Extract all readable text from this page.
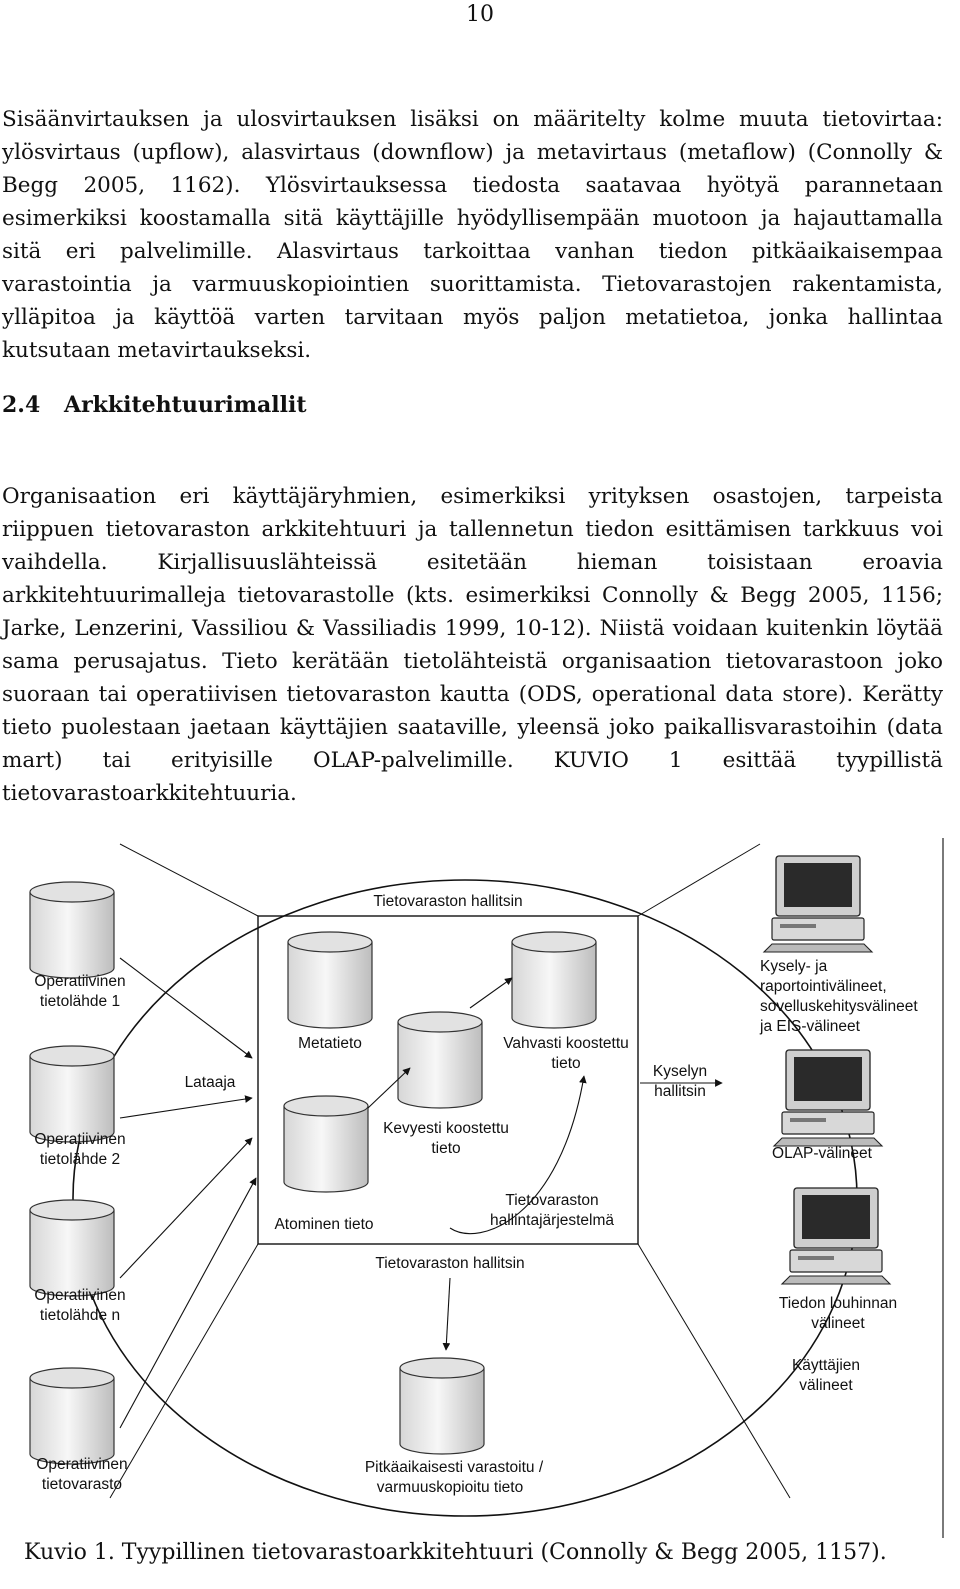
10

Sisäänvirtauksen ja ulosvirtauksen lisäksi on määritelty kolme muuta tietovirtaa: ylösvirtaus (upflow), alasvirtaus (downflow) ja metavirtaus (metaflow) (Connolly & Begg 2005, 1162). Ylösvirtauksessa tiedosta saatavaa hyötyä parannetaan esimerkiksi koostamalla sitä käyttäjille hyödyllisempään muotoon ja hajauttamalla sitä eri palvelimille. Alasvirtaus tarkoittaa vanhan tiedon pitkäaikaisempaa varastointia ja varmuuskopiointien suorittamista. Tietovarastojen rakentamista, ylläpitoa ja käyttöä varten tarvitaan myös paljon metatietoa, jonka hallintaa kutsutaan metavirtaukseksi.

2.4 Arkkitehtuurimallit

Organisaation eri käyttäjäryhmien, esimerkiksi yrityksen osastojen, tarpeista riippuen tietovaraston arkkitehtuuri ja tallennetun tiedon esittämisen tarkkuus voi vaihdella. Kirjallisuuslähteissä esitetään hieman toisistaan eroavia arkkitehtuurimalleja tietovarastolle (kts. esimerkiksi Connolly & Begg 2005, 1156; Jarke, Lenzerini, Vassiliou & Vassiliadis 1999, 10-12). Niistä voidaan kuitenkin löytää sama perusajatus. Tieto kerätään tietolähteistä organisaation tietovarastoon joko suoraan tai operatiivisen tietovaraston kautta (ODS, operational data store). Kerätty tieto puolestaan jaetaan käyttäjien saataville, yleensä joko paikallisvarastoihin (data mart) tai erityisille OLAP-palvelimille. KUVIO 1 esittää tyypillistä tietovarastoarkkitehtuuria.

Tietovaraston hallitsin
Tietovaraston hallitsin
Operatiivinen
tietolähde 1
Operatiivinen
tietolähde 2
Operatiivinen
tietolähde n
Operatiivinen
tietovarasto
Lataaja
Metatieto	Vahvasti koostettu
tieto
Kevyesti koostettu
tieto
Atominen tieto
Tietovaraston
hallintajärjestelmä
Pitkäaikaisesti varastoitu /
varmuuskopioitu tieto
Kyselyn
hallitsin
Kysely- ja
raportointivälineet,
sovelluskehitysvälineet
ja EIS-välineet
OLAP-välineet
Tiedon louhinnan
välineet
Käyttäjien
välineet
Kuvio 1. Tyypillinen tietovarastoarkkitehtuuri (Connolly & Begg 2005, 1157).
